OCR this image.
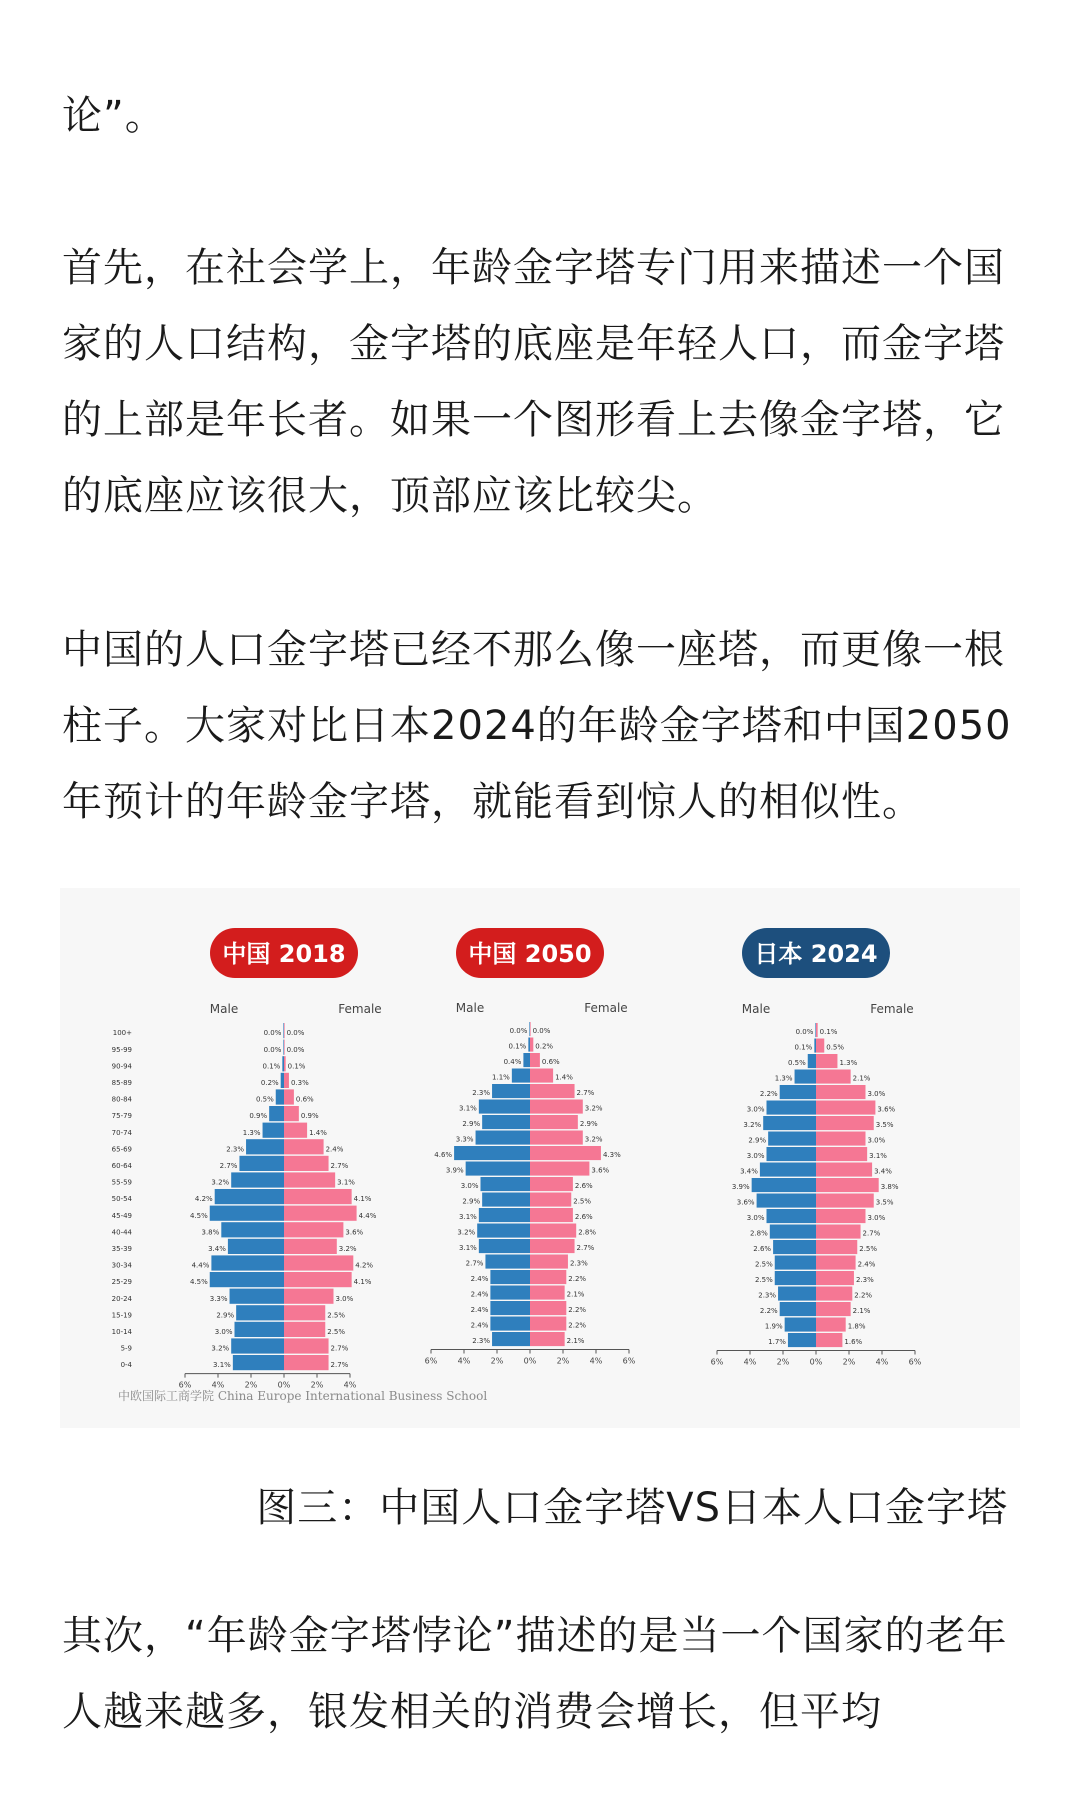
论”。

首先，在社会学上，年龄金字塔专门用来描述一个国家的人口结构，金字塔的底座是年轻人口，而金字塔的上部是年长者。如果一个图形看上去像金字塔，它的底座应该很大，顶部应该比较尖。

中国的人口金字塔已经不那么像一座塔，而更像一根柱子。大家对比日本2024的年龄金字塔和中国2050年预计的年龄金字塔，就能看到惊人的相似性。

中国 2018
Male	Female
0.0% 0.0%
100+
0.0% 0.0%
95-99
0.1% 0.1%
90-94
0.2% 0.3%
85-89
0.5%	0.6%
80-84
0.9%	0.9%
75-79
1.3%	1.4%
70-74
2.3%	2.4%
65-69
2.7%	2.7%
60-64
3.2%	3.1%
55-59
4.2%	4.1%
50-54
4.5%	4.4%
45-49
3.8%	3.6%
40-44
3.4%	3.2%
35-39
4.4%	4.2%
30-34
4.5%	4.1%
25-29
3.3%	3.0%
20-24
2.9%	2.5%
15-19
3.0%	2.5%
10-14
3.2%	2.7%
5-9
3.1%	2.7%
0-4
6%	4%	2%	0%	2%	4%
中国 2050
Male	Female
0.0% 0.0%
0.1% 0.2%
0.4%	0.6%
1.1%	1.4%
2.3%	2.7%
3.1%	3.2%
2.9%	2.9%
3.3%	3.2%
4.6%	4.3%
3.9%	3.6%
3.0%	2.6%
2.9%	2.5%
3.1%	2.6%
3.2%	2.8%
3.1%	2.7%
2.7%	2.3%
2.4%	2.2%
2.4%	2.1%
2.4%	2.2%
2.4%	2.2%
2.3%	2.1%
6%	4%	2%	0%	2%	4%	6%
日本 2024
Male	Female
0.0% 0.1%
0.1% 0.5%
0.5%	1.3%
1.3%	2.1%
2.2%	3.0%
3.0%	3.6%
3.2%	3.5%
2.9%	3.0%
3.0%	3.1%
3.4%	3.4%
3.9%	3.8%
3.6%	3.5%
3.0%	3.0%
2.8%	2.7%
2.6%	2.5%
2.5%	2.4%
2.5%	2.3%
2.3%	2.2%
2.2%	2.1%
1.9%	1.8%
1.7%	1.6%
6%	4%	2%	0%	2%	4%	6%
中欧国际工商学院 China Europe International Business School

图三：中国人口金字塔VS日本人口金字塔

其次，“年龄金字塔悖论”描述的是当一个国家的老年人越来越多，银发相关的消费会增长，但平均
